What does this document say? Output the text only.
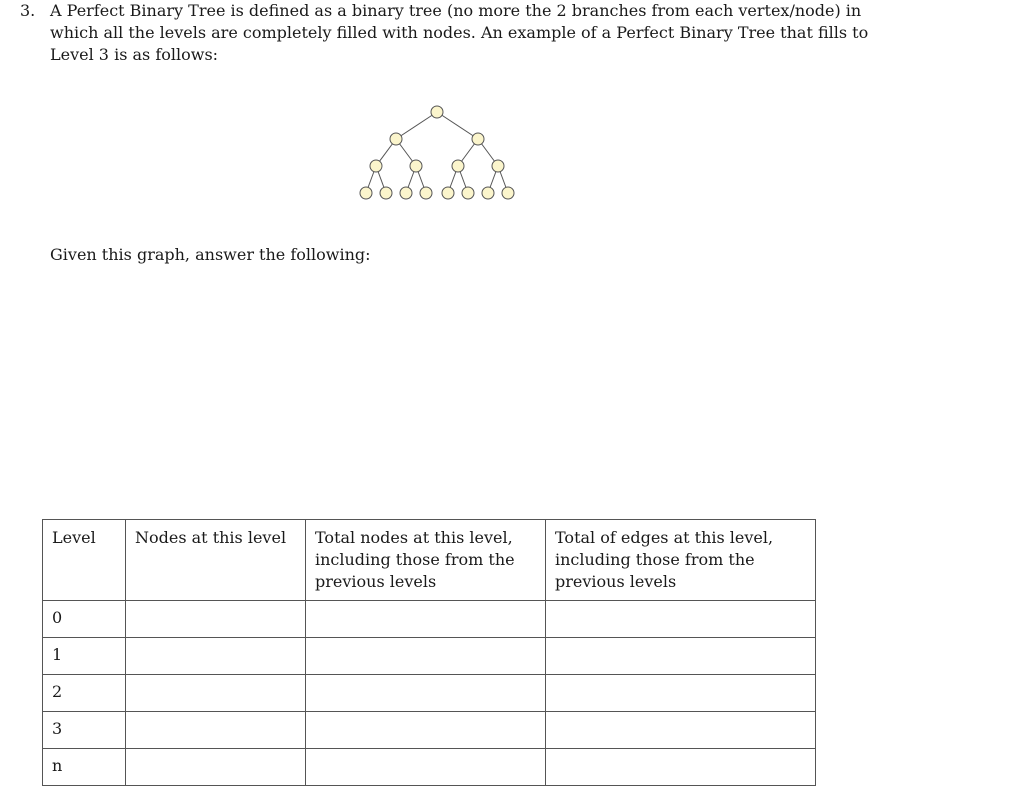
3. A Perfect Binary Tree is defined as a binary tree (no more the 2 branches from each vertex/node) in which all the levels are completely filled with nodes. An example of a Perfect Binary Tree that fills to Level 3 is as follows:
Given this graph, answer the following:
Level	Nodes at this level	Total nodes at this level, including those from the previous levels	Total of edges at this level, including those from the previous levels
0			
1			
2			
3			
n			
